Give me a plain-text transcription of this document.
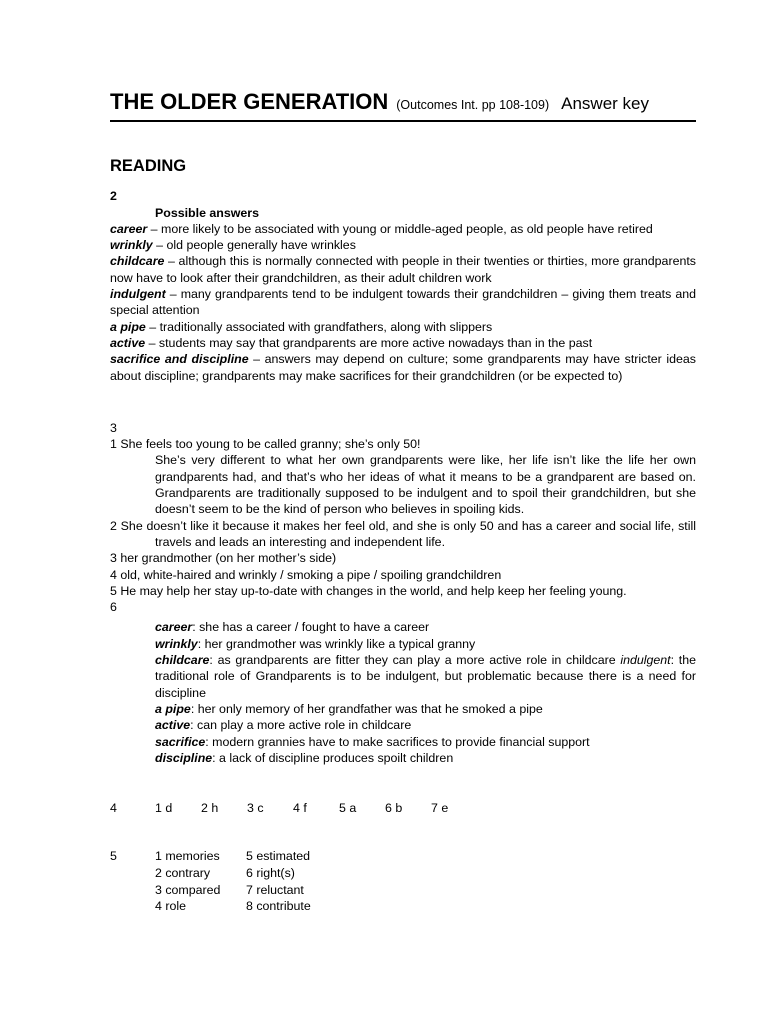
THE OLDER GENERATION (Outcomes Int. pp 108-109) Answer key
READING
2
Possible answers
career – more likely to be associated with young or middle-aged people, as old people have retired
wrinkly – old people generally have wrinkles
childcare – although this is normally connected with people in their twenties or thirties, more grandparents now have to look after their grandchildren, as their adult children work
indulgent – many grandparents tend to be indulgent towards their grandchildren – giving them treats and special attention
a pipe – traditionally associated with grandfathers, along with slippers
active – students may say that grandparents are more active nowadays than in the past
sacrifice and discipline – answers may depend on culture; some grandparents may have stricter ideas about discipline; grandparents may make sacrifices for their grandchildren (or be expected to)
3
1 She feels too young to be called granny; she’s only 50!
She’s very different to what her own grandparents were like, her life isn’t like the life her own grandparents had, and that’s who her ideas of what it means to be a grandparent are based on. Grandparents are traditionally supposed to be indulgent and to spoil their grandchildren, but she doesn’t seem to be the kind of person who believes in spoiling kids.
2 She doesn’t like it because it makes her feel old, and she is only 50 and has a career and social life, still travels and leads an interesting and independent life.
3 her grandmother (on her mother’s side)
4 old, white-haired and wrinkly / smoking a pipe / spoiling grandchildren
5 He may help her stay up-to-date with changes in the world, and help keep her feeling young.
6
career: she has a career / fought to have a career
wrinkly: her grandmother was wrinkly like a typical granny
childcare: as grandparents are fitter they can play a more active role in childcare indulgent: the traditional role of Grandparents is to be indulgent, but problematic because there is a need for discipline
a pipe: her only memory of her grandfather was that he smoked a pipe
active: can play a more active role in childcare
sacrifice: modern grannies have to make sacrifices to provide financial support
discipline: a lack of discipline produces spoilt children
4	1 d	2 h	3 c	4 f	5 a	6 b	7 e
5	1 memories	5 estimated
2 contrary	6 right(s)
3 compared	7 reluctant
4 role	8 contribute
